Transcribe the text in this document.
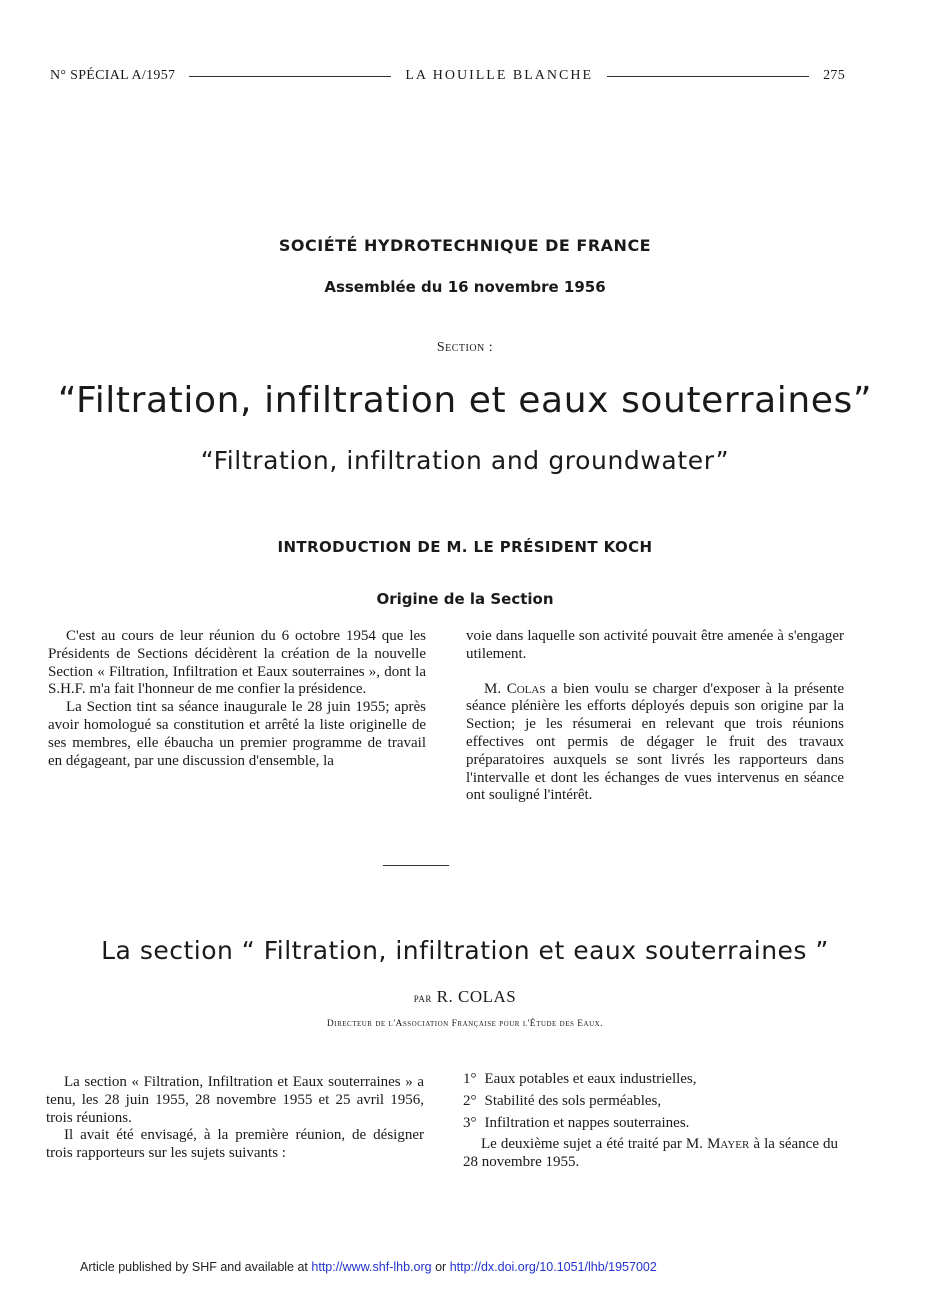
N° SPÉCIAL A/1957	LA HOUILLE BLANCHE	275
SOCIÉTÉ HYDROTECHNIQUE DE FRANCE
Assemblée du 16 novembre 1956
Section :
“Filtration, infiltration et eaux souterraines”
“Filtration, infiltration and groundwater”
INTRODUCTION DE M. LE PRÉSIDENT KOCH
Origine de la Section

C'est au cours de leur réunion du 6 octobre 1954 que les Présidents de Sections décidèrent la création de la nouvelle Section « Filtration, Infiltration et Eaux souterraines », dont la S.H.F. m'a fait l'honneur de me confier la présidence.

La Section tint sa séance inaugurale le 28 juin 1955; après avoir homologué sa constitution et arrêté la liste originelle de ses membres, elle ébaucha un premier programme de travail en dégageant, par une discussion d'ensemble, la

voie dans laquelle son activité pouvait être amenée à s'engager utilement.

M. Colas a bien voulu se charger d'exposer à la présente séance plénière les efforts déployés depuis son origine par la Section; je les résumerai en relevant que trois réunions effectives ont permis de dégager le fruit des travaux préparatoires auxquels se sont livrés les rapporteurs dans l'intervalle et dont les échanges de vues intervenus en séance ont souligné l'intérêt.

La section “ Filtration, infiltration et eaux souterraines ”
par R. COLAS
Directeur de l'Association Française pour l'Étude des Eaux.

La section « Filtration, Infiltration et Eaux souterraines » a tenu, les 28 juin 1955, 28 novembre 1955 et 25 avril 1956, trois réunions.

Il avait été envisagé, à la première réunion, de désigner trois rapporteurs sur les sujets suivants :

1° Eaux potables et eaux industrielles,

2° Stabilité des sols perméables,

3° Infiltration et nappes souterraines.

Le deuxième sujet a été traité par M. Mayer à la séance du 28 novembre 1955.

Article published by SHF and available at http://www.shf-lhb.org or http://dx.doi.org/10.1051/lhb/1957002
